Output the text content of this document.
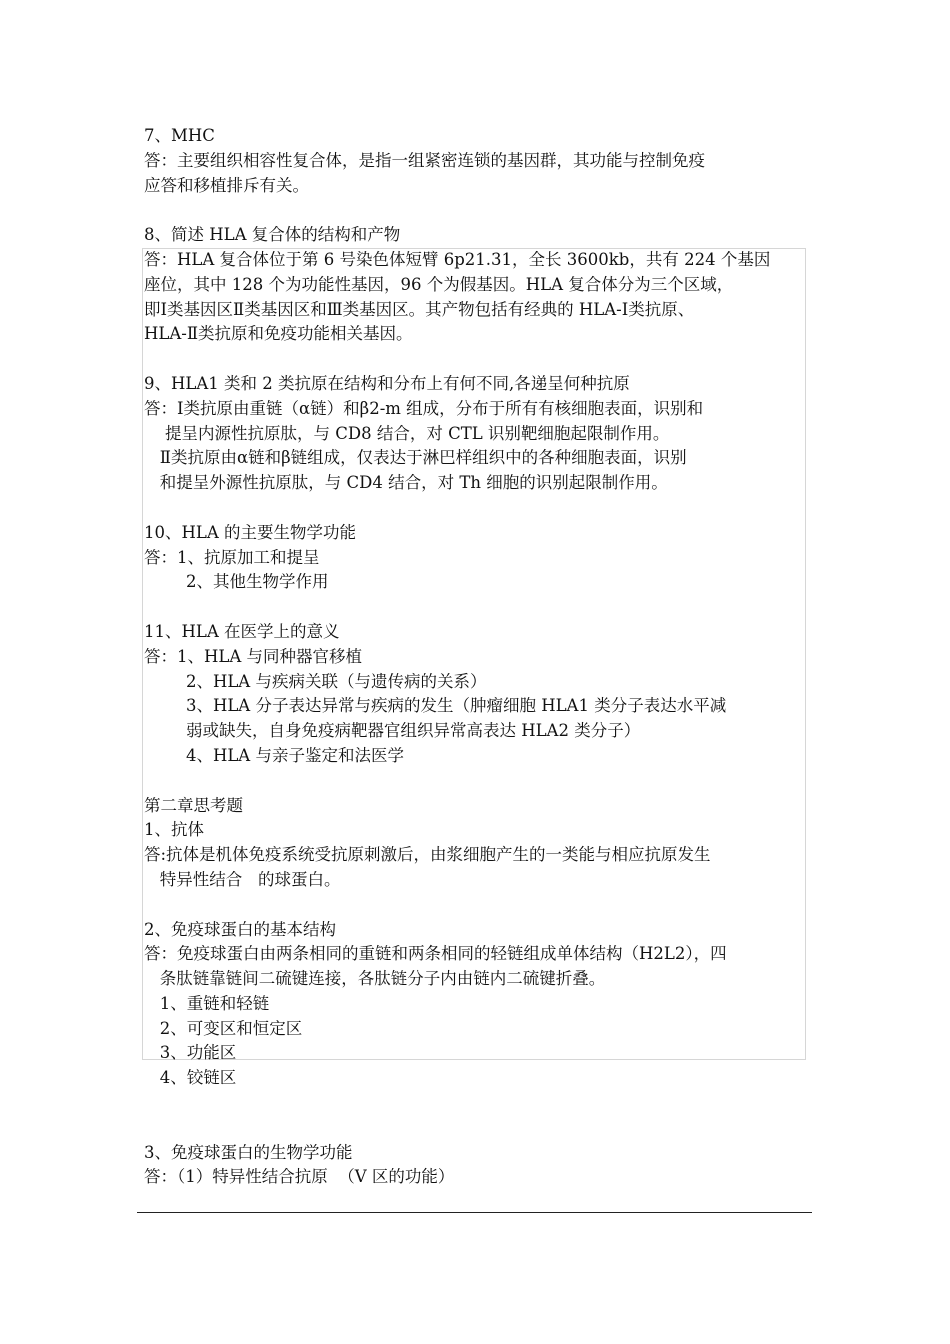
7、MHC
答：主要组织相容性复合体，是指一组紧密连锁的基因群，其功能与控制免疫
应答和移植排斥有关。
8、简述 HLA 复合体的结构和产物
答：HLA 复合体位于第 6 号染色体短臂 6p21.31，全长 3600kb，共有 224 个基因
座位，其中 128 个为功能性基因，96 个为假基因。HLA 复合体分为三个区域，
即Ⅰ类基因区Ⅱ类基因区和Ⅲ类基因区。其产物包括有经典的 HLA-Ⅰ类抗原、
HLA-Ⅱ类抗原和免疫功能相关基因。
9、HLA1 类和 2 类抗原在结构和分布上有何不同,各递呈何种抗原
答：Ⅰ类抗原由重链（α链）和β2-m 组成，分布于所有有核细胞表面，识别和
提呈内源性抗原肽，与 CD8 结合，对 CTL 识别靶细胞起限制作用。
Ⅱ类抗原由α链和β链组成，仅表达于淋巴样组织中的各种细胞表面，识别
和提呈外源性抗原肽，与 CD4 结合，对 Th 细胞的识别起限制作用。
10、HLA 的主要生物学功能
答：1、抗原加工和提呈
2、其他生物学作用
11、HLA 在医学上的意义
答：1、HLA 与同种器官移植
2、HLA 与疾病关联（与遗传病的关系）
3、HLA 分子表达异常与疾病的发生（肿瘤细胞 HLA1 类分子表达水平减
弱或缺失，自身免疫病靶器官组织异常高表达 HLA2 类分子）
4、HLA 与亲子鉴定和法医学
第二章思考题
1、抗体
答:抗体是机体免疫系统受抗原刺激后，由浆细胞产生的一类能与相应抗原发生
特异性结合   的球蛋白。
2、免疫球蛋白的基本结构
答：免疫球蛋白由两条相同的重链和两条相同的轻链组成单体结构（H2L2），四
条肽链靠链间二硫键连接，各肽链分子内由链内二硫键折叠。
1、重链和轻链
2、可变区和恒定区
3、功能区
4、铰链区
3、免疫球蛋白的生物学功能
答：（1）特异性结合抗原  （V 区的功能）
